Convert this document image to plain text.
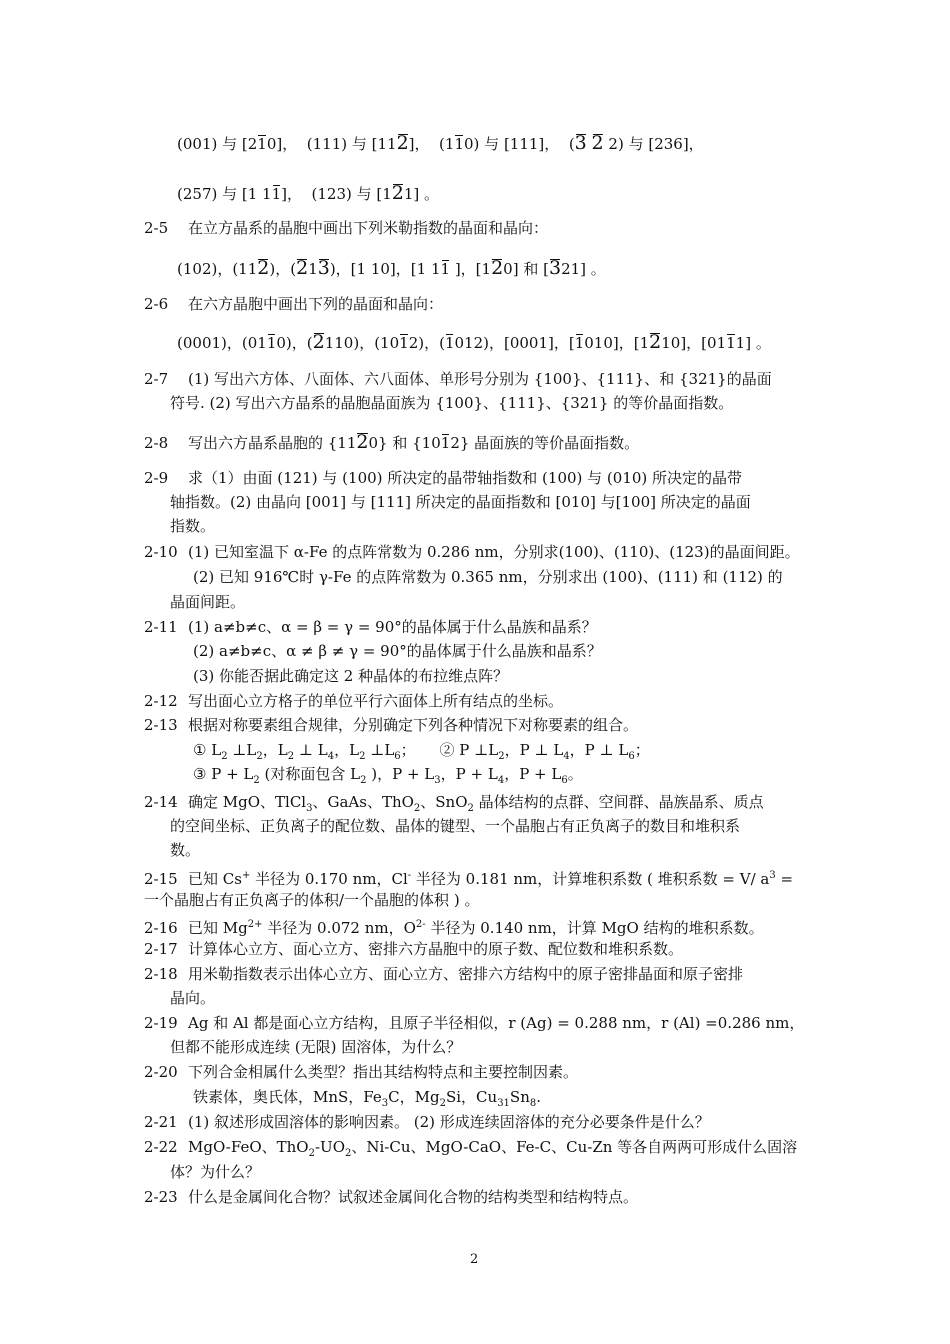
(001) 与 [210]，  (111) 与 [112]，  (110) 与 [111]，  (3 2 2) 与 [236]，
(257) 与 [1 11]，  (123) 与 [121] 。
2-5 在立方晶系的晶胞中画出下列米勒指数的晶面和晶向：
(102)，(112)，(213)，[1 10]，[1 11 ]，[120] 和 [321] 。
2-6 在六方晶胞中画出下列的晶面和晶向：
(0001)，(0110)，(2110)，(1012)，(1012)，[0001]，[1010]，[1210]，[0111] 。
2-7 (1) 写出六方体、八面体、六八面体、单形号分别为 {100}、{111}、和 {321}的晶面
符号. (2) 写出六方晶系的晶胞晶面族为 {100}、{111}、{321} 的等价晶面指数。
2-8 写出六方晶系晶胞的 {1120} 和 {1012} 晶面族的等价晶面指数。
2-9 求（1）由面 (121) 与 (100) 所决定的晶带轴指数和 (100) 与 (010) 所决定的晶带
轴指数。(2) 由晶向 [001] 与 [111] 所决定的晶面指数和 [010] 与[100] 所决定的晶面
指数。
2-10 (1) 已知室温下 α-Fe 的点阵常数为 0.286 nm，分别求(100)、(110)、(123)的晶面间距。
(2) 已知 916℃时 γ-Fe 的点阵常数为 0.365 nm，分别求出 (100)、(111) 和 (112) 的
晶面间距。
2-11 (1) a≠b≠c、α = β = γ = 90°的晶体属于什么晶族和晶系？
(2) a≠b≠c、α ≠ β ≠ γ = 90°的晶体属于什么晶族和晶系？
(3) 你能否据此确定这 2 种晶体的布拉维点阵？
2-12 写出面心立方格子的单位平行六面体上所有结点的坐标。
2-13 根据对称要素组合规律，分别确定下列各种情况下对称要素的组合。
① $L_2$ $\perp L_2$，$L_2$ ⊥ $L_4$，$L_2$ $\perp L_6$；     ② P $\perp L_2$，P ⊥ $L_4$，P ⊥ $L_6$；
③ $P + L_2$ (对称面包含 $L_2$ )，$P + L_3$，$P + L_4$，$P + L_6$。
2-14 确定 MgO、TlCl$_3$、GaAs、ThO$_2$、SnO$_2$ 晶体结构的点群、空间群、晶族晶系、质点
的空间坐标、正负离子的配位数、晶体的键型、一个晶胞占有正负离子的数目和堆积系
数。
2-15 已知 Cs+ 半径为 0.170 nm，Cl- 半径为 0.181 nm，计算堆积系数 ( 堆积系数 = V/ $a^3$ =
一个晶胞占有正负离子的体积/一个晶胞的体积 ) 。
2-16 已知 $Mg^{2+}$ 半径为 0.072 nm，$O^{2-}$ 半径为 0.140 nm，计算 MgO 结构的堆积系数。
2-17 计算体心立方、面心立方、密排六方晶胞中的原子数、配位数和堆积系数。
2-18 用米勒指数表示出体心立方、面心立方、密排六方结构中的原子密排晶面和原子密排
晶向。
2-19 Ag 和 Al 都是面心立方结构，且原子半径相似，r (Ag) = 0.288 nm，r (Al) =0.286 nm，
但都不能形成连续 (无限) 固溶体，为什么？
2-20 下列合金相属什么类型？指出其结构特点和主要控制因素。
铁素体，奥氏体，MnS，$Fe_3C$，$Mg_2Si$，$Cu_{31}Sn_8$.
2-21 (1) 叙述形成固溶体的影响因素。 (2) 形成连续固溶体的充分必要条件是什么？
2-22 MgO-FeO、$ThO_2-UO_2$、Ni-Cu、MgO-CaO、Fe-C、Cu-Zn 等各自两两可形成什么固溶
体？为什么？
2-23 什么是金属间化合物？试叙述金属间化合物的结构类型和结构特点。
2
